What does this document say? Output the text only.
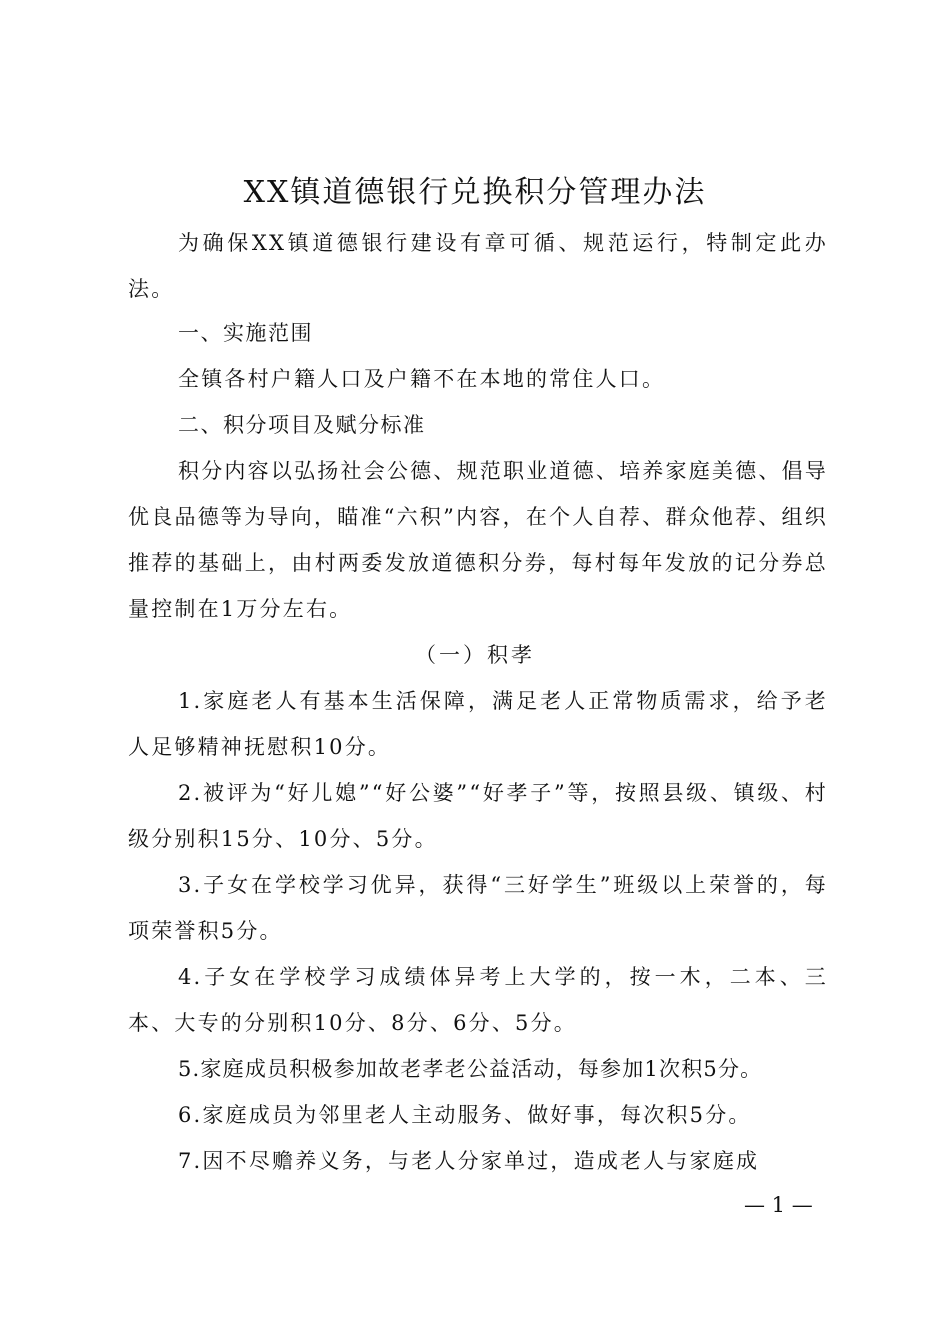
XX镇道德银行兑换积分管理办法
为确保XX镇道德银行建设有章可循、规范运行，特制定此办法。
一、实施范围
全镇各村户籍人口及户籍不在本地的常住人口。
二、积分项目及赋分标准
积分内容以弘扬社会公德、规范职业道德、培养家庭美德、倡导优良品德等为导向，瞄准“六积”内容，在个人自荐、群众他荐、组织推荐的基础上，由村两委发放道德积分券，每村每年发放的记分券总量控制在1万分左右。
（一）积孝
1.家庭老人有基本生活保障，满足老人正常物质需求，给予老人足够精神抚慰积10分。
2.被评为“好儿媳”“好公婆”“好孝子”等，按照县级、镇级、村级分别积15分、10分、5分。
3.子女在学校学习优异，获得“三好学生”班级以上荣誉的，每项荣誉积5分。
4.子女在学校学习成绩体异考上大学的，按一木，二本、三本、大专的分别积10分、8分、6分、5分。
5.家庭成员积极参加故老孝老公益活动，每参加1次积5分。
6.家庭成员为邻里老人主动服务、做好事，每次积5分。
7.因不尽赡养义务，与老人分家单过，造成老人与家庭成
— 1 —
